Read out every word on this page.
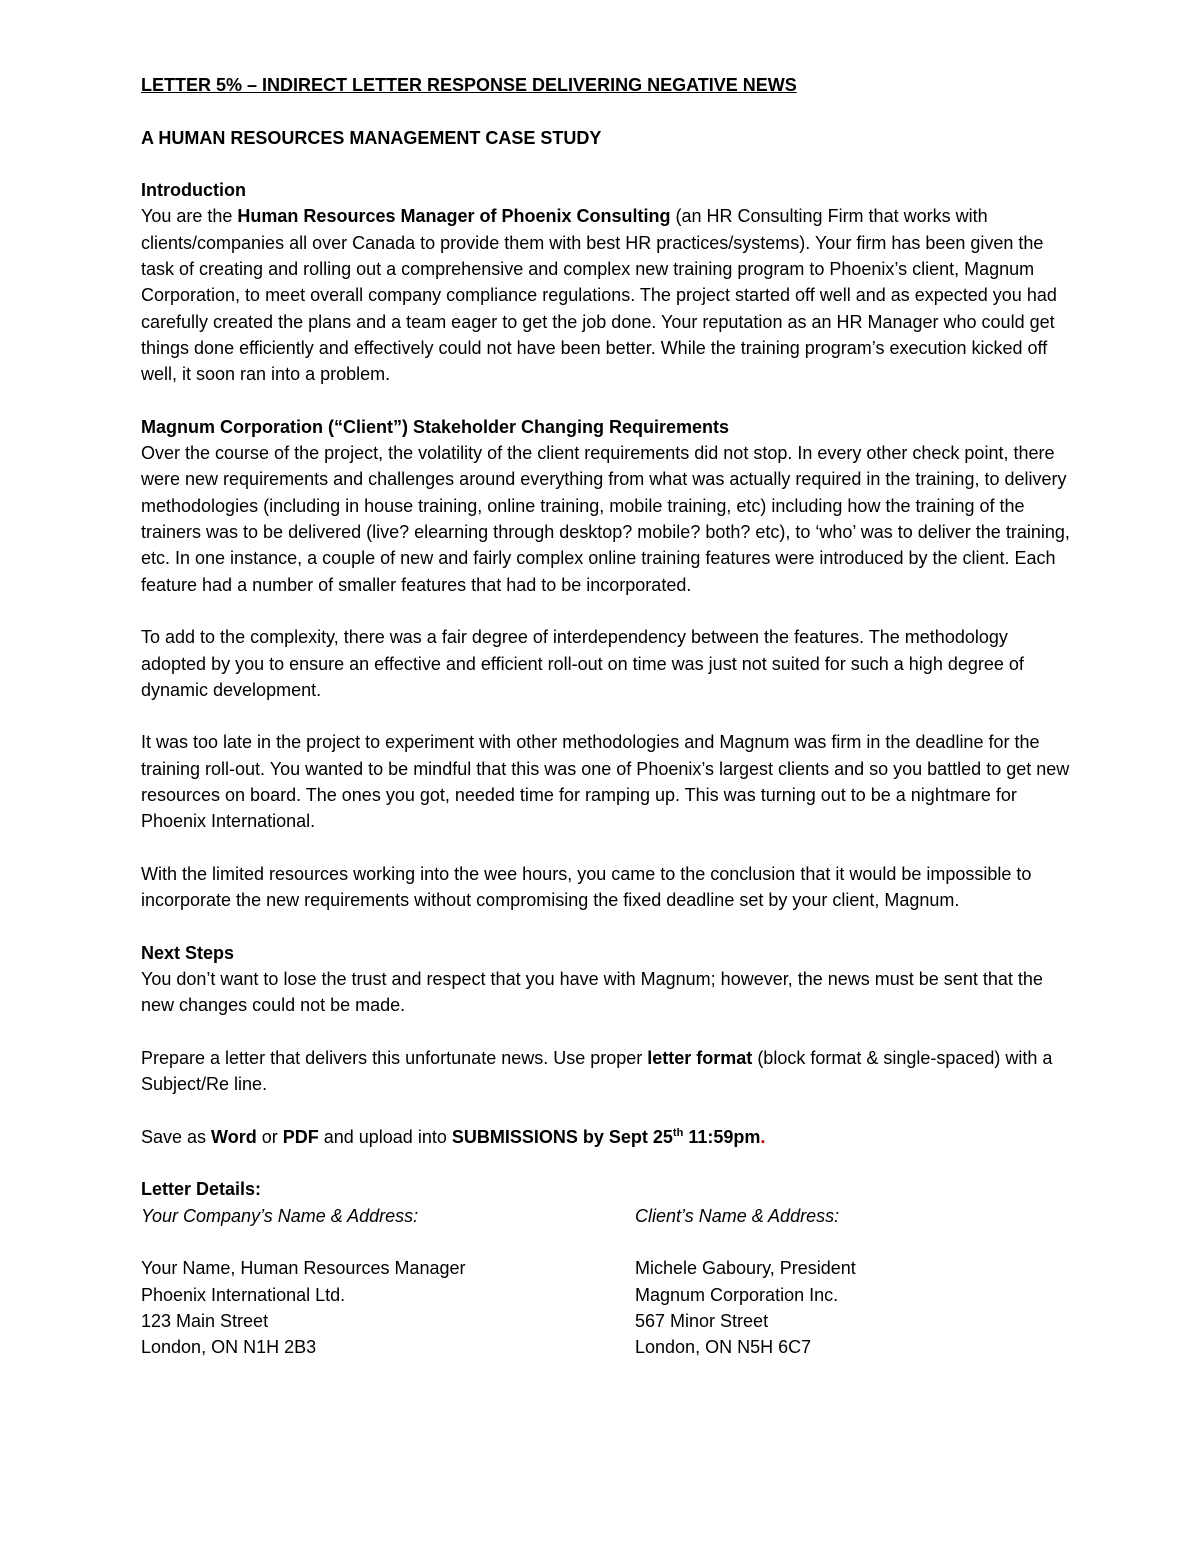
LETTER 5% – INDIRECT LETTER RESPONSE DELIVERING NEGATIVE NEWS

A HUMAN RESOURCES MANAGEMENT CASE STUDY

Introduction

You are the Human Resources Manager of Phoenix Consulting (an HR Consulting Firm that works with clients/companies all over Canada to provide them with best HR practices/systems). Your firm has been given the task of creating and rolling out a comprehensive and complex new training program to Phoenix’s client, Magnum Corporation, to meet overall company compliance regulations. The project started off well and as expected you had carefully created the plans and a team eager to get the job done. Your reputation as an HR Manager who could get things done efficiently and effectively could not have been better. While the training program’s execution kicked off well, it soon ran into a problem.

Magnum Corporation (“Client”) Stakeholder Changing Requirements

Over the course of the project, the volatility of the client requirements did not stop. In every other check point, there were new requirements and challenges around everything from what was actually required in the training, to delivery methodologies (including in house training, online training, mobile training, etc) including how the training of the trainers was to be delivered (live? elearning through desktop? mobile? both? etc), to ‘who’ was to deliver the training, etc. In one instance, a couple of new and fairly complex online training features were introduced by the client. Each feature had a number of smaller features that had to be incorporated.

To add to the complexity, there was a fair degree of interdependency between the features. The methodology adopted by you to ensure an effective and efficient roll-out on time was just not suited for such a high degree of dynamic development.

It was too late in the project to experiment with other methodologies and Magnum was firm in the deadline for the training roll-out. You wanted to be mindful that this was one of Phoenix’s largest clients and so you battled to get new resources on board. The ones you got, needed time for ramping up. This was turning out to be a nightmare for Phoenix International.

With the limited resources working into the wee hours, you came to the conclusion that it would be impossible to incorporate the new requirements without compromising the fixed deadline set by your client, Magnum.

Next Steps

You don’t want to lose the trust and respect that you have with Magnum; however, the news must be sent that the new changes could not be made.

Prepare a letter that delivers this unfortunate news. Use proper letter format (block format & single-spaced) with a Subject/Re line.

Save as Word or PDF and upload into SUBMISSIONS by Sept 25th 11:59pm.

Letter Details:

Your Company’s Name & Address:

Your Name, Human Resources Manager

Phoenix International Ltd.

123 Main Street

London, ON N1H 2B3

Client’s Name & Address:

Michele Gaboury, President

Magnum Corporation Inc.

567 Minor Street

London, ON N5H 6C7
